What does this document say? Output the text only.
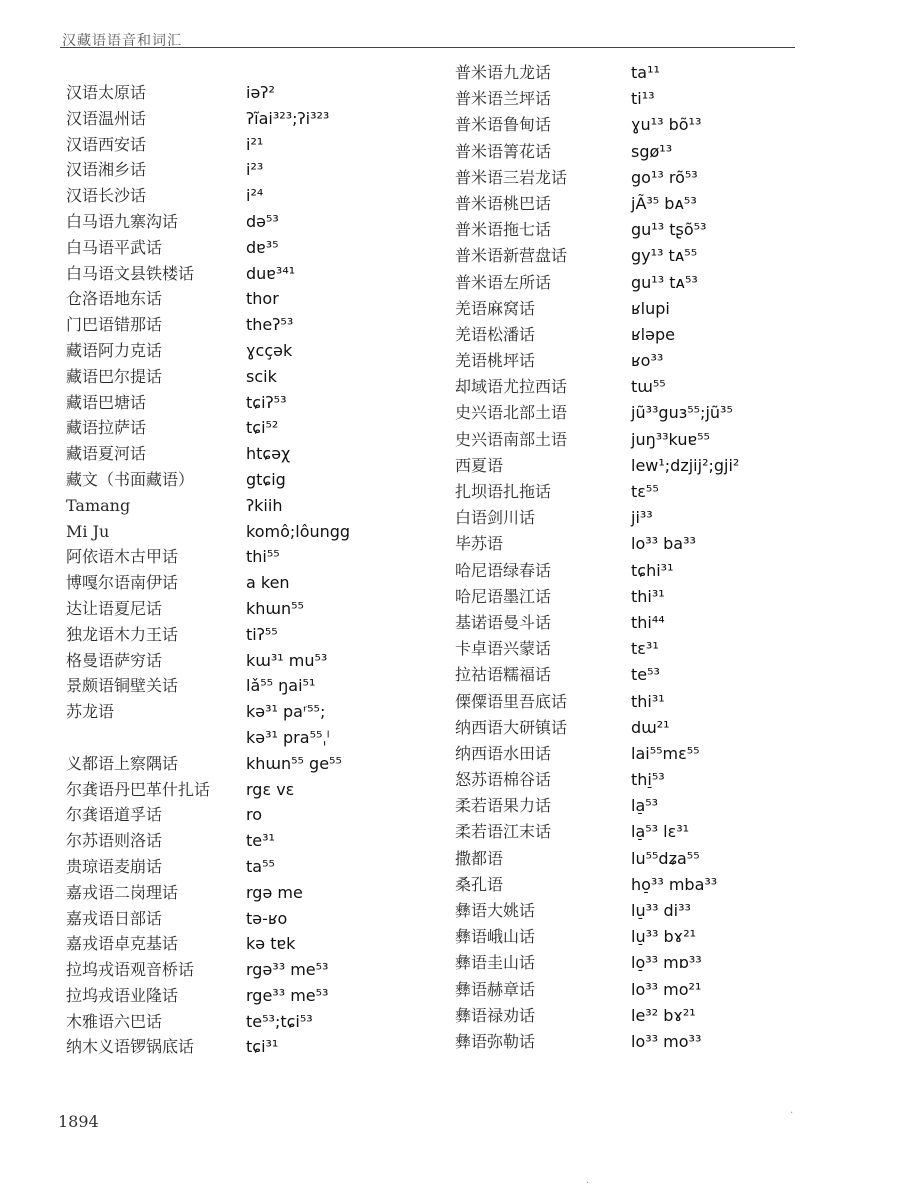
汉藏语语音和词汇
汉语太原话	iəʔ²
汉语温州话	ʔĩai³²³;ʔi³²³
汉语西安话	i²¹
汉语湘乡话	i²³
汉语长沙话	i²⁴
白马语九寨沟话	də⁵³
白马语平武话	dɐ³⁵
白马语文县铁楼话	duɐ³⁴¹
仓洛语地东话	thor
门巴语错那话	theʔ⁵³
藏语阿力克话	ɣcçək
藏语巴尔提话	scik
藏语巴塘话	tɕiʔ⁵³
藏语拉萨话	tɕi⁵²
藏语夏河话	htɕəχ
藏文（书面藏语）	gtɕig
Tamang	ʔkiih
Mi Ju	komô;lôungg
阿依语木古甲话	thi⁵⁵
博嘎尔语南伊话	a ken
达让语夏尼话	khɯn⁵⁵
独龙语木力王话	tiʔ⁵⁵
格曼语萨穷话	kɯ³¹ mu⁵³
景颇语铜壁关话	lǎ⁵⁵ ŋai⁵¹
苏龙语	kə³¹ paʳ⁵⁵;
kə³¹ pra⁵⁵ˌˡ
义都语上察隅话	khɯn⁵⁵ ge⁵⁵
尔龚语丹巴革什扎话 rgɛ vɛ
尔龚语道孚话	ro
尔苏语则洛话	te³¹
贵琼语麦崩话	ta⁵⁵
嘉戎语二岗理话	rgə me
嘉戎语日部话	tə-ʁo
嘉戎语卓克基话	kə tɐk
拉坞戎语观音桥话	rgə³³ me⁵³
拉坞戎语业隆话	rge³³ me⁵³
木雅语六巴话	te⁵³;tɕi⁵³
纳木义语锣锅底话	tɕi³¹
普米语九龙话	ta¹¹
普米语兰坪话	ti¹³
普米语鲁甸话	ɣu¹³ bõ¹³
普米语箐花话	sgø¹³
普米语三岩龙话	go¹³ rõ⁵³
普米语桃巴话	jÃ³⁵ bᴀ⁵³
普米语拖七话	gu¹³ tʂõ⁵³
普米语新营盘话	gy¹³ tᴀ⁵⁵
普米语左所话	gu¹³ tᴀ⁵³
羌语麻窝话	ʁlupi
羌语松潘话	ʁləpe
羌语桃坪话	ʁo³³
却域语尤拉西话	tɯ⁵⁵
史兴语北部土语	jũ³³guɜ⁵⁵;jũ³⁵
史兴语南部土语	juŋ³³kuɐ⁵⁵
西夏语	lew¹;dzjij²;gji²
扎坝语扎拖话	tɛ⁵⁵
白语剑川话	ji³³
毕苏语	lo³³ ba³³
哈尼语绿春话	tɕhi³¹
哈尼语墨江话	thi³¹
基诺语曼斗话	thi⁴⁴
卡卓语兴蒙话	tɛ³¹
拉祜语糯福话	te⁵³
傈僳语里吾底话	thi³¹
纳西语大研镇话	dɯ²¹
纳西语水田话	lai⁵⁵mɛ⁵⁵
怒苏语棉谷话	thi̠⁵³
柔若语果力话	la̠⁵³
柔若语江末话	la̠⁵³ lɛ³¹
撒都语	lu⁵⁵dʑa⁵⁵
桑孔语	ho̠³³ mba³³
彝语大姚话	lu̠³³ di³³
彝语峨山话	lu̠³³ bɤ²¹
彝语圭山话	lo̠³³ mɒ³³
彝语赫章话	lo³³ mo²¹
彝语禄劝话	le³² bɤ²¹
彝语弥勒话	lo³³ mo³³
1894	·
·
